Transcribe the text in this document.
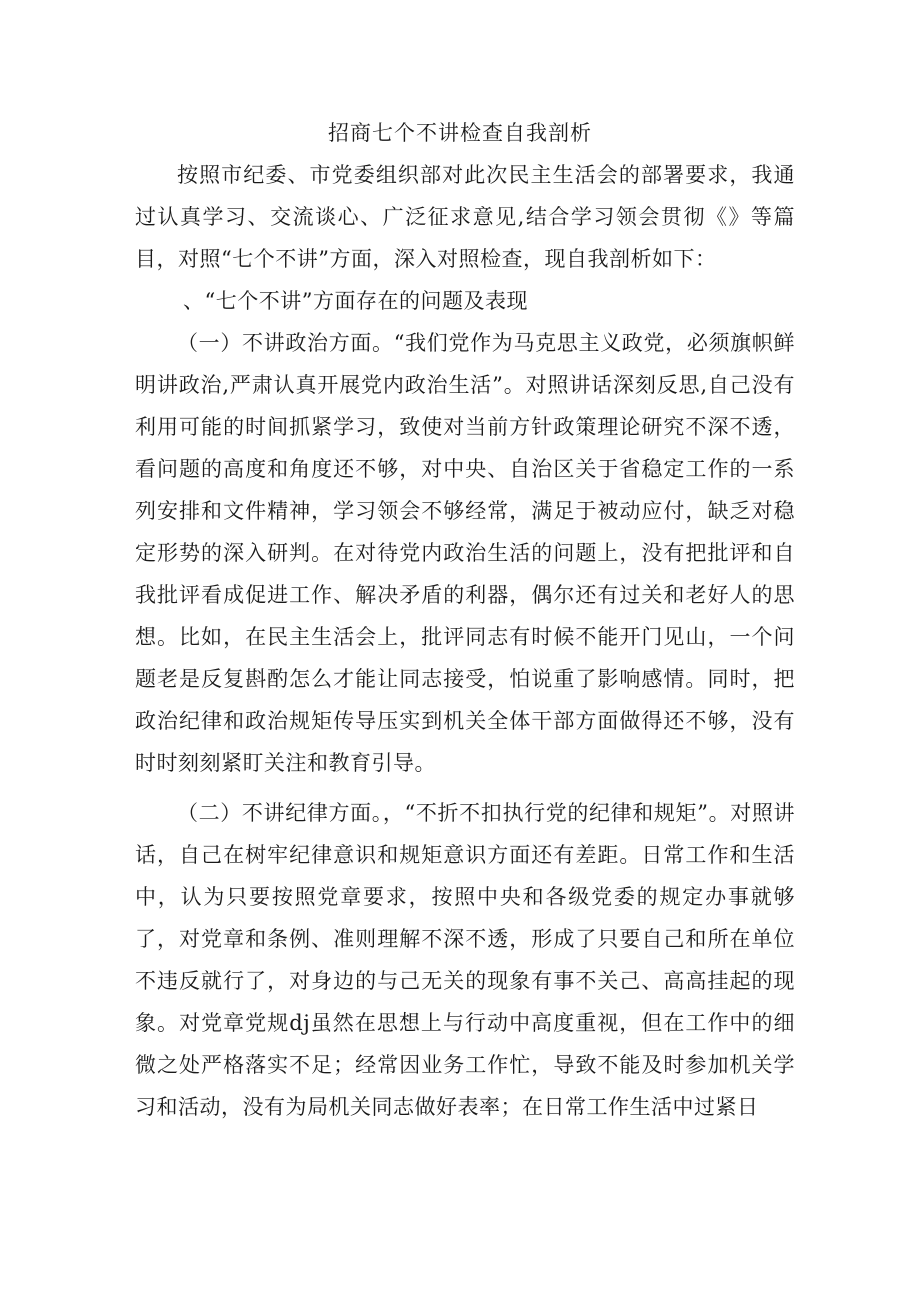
招商七个不讲检查自我剖析

按照市纪委、市党委组织部对此次民主生活会的部署要求，我通过认真学习、交流谈心、广泛征求意见,结合学习领会贯彻《》等篇目，对照“七个不讲”方面，深入对照检查，现自我剖析如下：

、“七个不讲”方面存在的问题及表现

（一）不讲政治方面。“我们党作为马克思主义政党，必须旗帜鲜明讲政治,严肃认真开展党内政治生活”。对照讲话深刻反思,自己没有利用可能的时间抓紧学习，致使对当前方针政策理论研究不深不透，看问题的高度和角度还不够，对中央、自治区关于省稳定工作的一系列安排和文件精神，学习领会不够经常，满足于被动应付，缺乏对稳定形势的深入研判。在对待党内政治生活的问题上，没有把批评和自我批评看成促进工作、解决矛盾的利器，偶尔还有过关和老好人的思想。比如，在民主生活会上，批评同志有时候不能开门见山，一个问题老是反复斟酌怎么才能让同志接受，怕说重了影响感情。同时，把政治纪律和政治规矩传导压实到机关全体干部方面做得还不够，没有时时刻刻紧盯关注和教育引导。

（二）不讲纪律方面。，“不折不扣执行党的纪律和规矩”。对照讲话，自己在树牢纪律意识和规矩意识方面还有差距。日常工作和生活中，认为只要按照党章要求，按照中央和各级党委的规定办事就够了，对党章和条例、准则理解不深不透，形成了只要自己和所在单位不违反就行了，对身边的与己无关的现象有事不关己、高高挂起的现象。对党章党规dj虽然在思想上与行动中高度重视，但在工作中的细微之处严格落实不足；经常因业务工作忙，导致不能及时参加机关学习和活动，没有为局机关同志做好表率；在日常工作生活中过紧日
